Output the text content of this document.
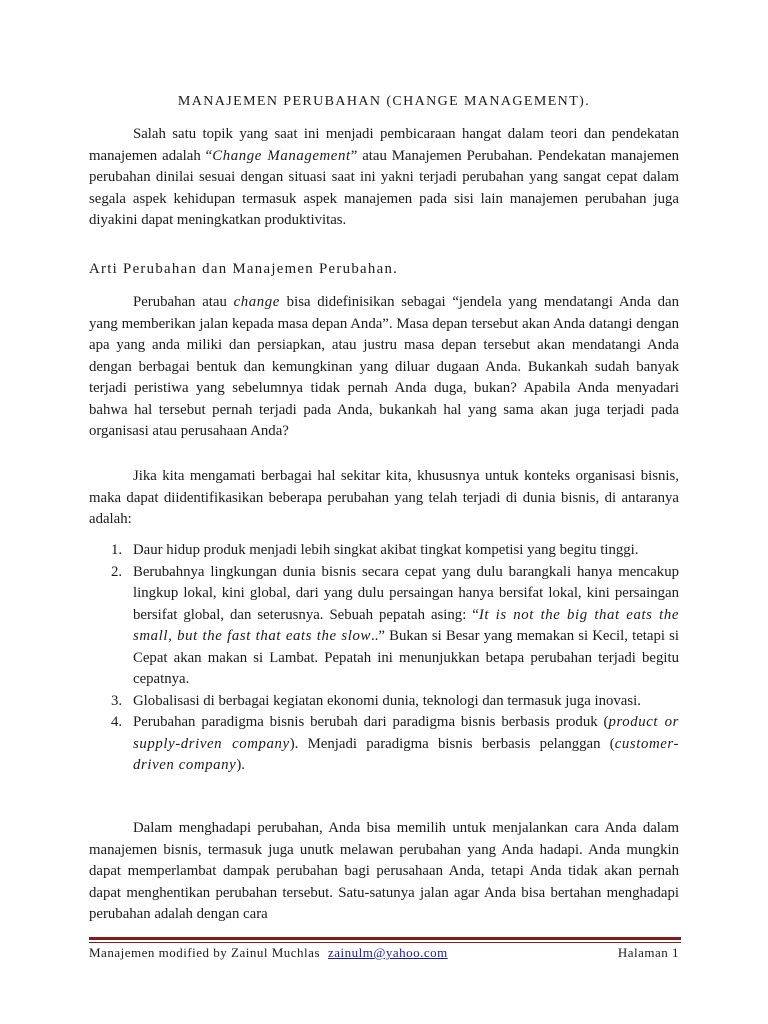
MANAJEMEN PERUBAHAN (CHANGE MANAGEMENT).

Salah satu topik yang saat ini menjadi pembicaraan hangat dalam teori dan pendekatan manajemen adalah “Change Management” atau Manajemen Perubahan. Pendekatan manajemen perubahan dinilai sesuai dengan situasi saat ini yakni terjadi perubahan yang sangat cepat dalam segala aspek kehidupan termasuk aspek manajemen pada sisi lain manajemen perubahan juga diyakini dapat meningkatkan produktivitas.

Arti Perubahan dan Manajemen Perubahan.

Perubahan atau change bisa didefinisikan sebagai “jendela yang mendatangi Anda dan yang memberikan jalan kepada masa depan Anda”. Masa depan tersebut akan Anda datangi dengan apa yang anda miliki dan persiapkan, atau justru masa depan tersebut akan mendatangi Anda dengan berbagai bentuk dan kemungkinan yang diluar dugaan Anda. Bukankah sudah banyak terjadi peristiwa yang sebelumnya tidak pernah Anda duga, bukan? Apabila Anda menyadari bahwa hal tersebut pernah terjadi pada Anda, bukankah hal yang sama akan juga terjadi pada organisasi atau perusahaan Anda?

Jika kita mengamati berbagai hal sekitar kita, khususnya untuk konteks organisasi bisnis, maka dapat diidentifikasikan beberapa perubahan yang telah terjadi di dunia bisnis, di antaranya adalah:

1. Daur hidup produk menjadi lebih singkat akibat tingkat kompetisi yang begitu tinggi.

2. Berubahnya lingkungan dunia bisnis secara cepat yang dulu barangkali hanya mencakup lingkup lokal, kini global, dari yang dulu persaingan hanya bersifat lokal, kini persaingan bersifat global, dan seterusnya. Sebuah pepatah asing: “It is not the big that eats the small, but the fast that eats the slow..” Bukan si Besar yang memakan si Kecil, tetapi si Cepat akan makan si Lambat. Pepatah ini menunjukkan betapa perubahan terjadi begitu cepatnya.

3. Globalisasi di berbagai kegiatan ekonomi dunia, teknologi dan termasuk juga inovasi.

4. Perubahan paradigma bisnis berubah dari paradigma bisnis berbasis produk (product or supply-driven company). Menjadi paradigma bisnis berbasis pelanggan (customer-driven company).

Dalam menghadapi perubahan, Anda bisa memilih untuk menjalankan cara Anda dalam manajemen bisnis, termasuk juga unutk melawan perubahan yang Anda hadapi. Anda mungkin dapat memperlambat dampak perubahan bagi perusahaan Anda, tetapi Anda tidak akan pernah dapat menghentikan perubahan tersebut. Satu-satunya jalan agar Anda bisa bertahan menghadapi perubahan adalah dengan cara

Manajemen modified by Zainul Muchlas zainulm@yahoo.com	Halaman 1
